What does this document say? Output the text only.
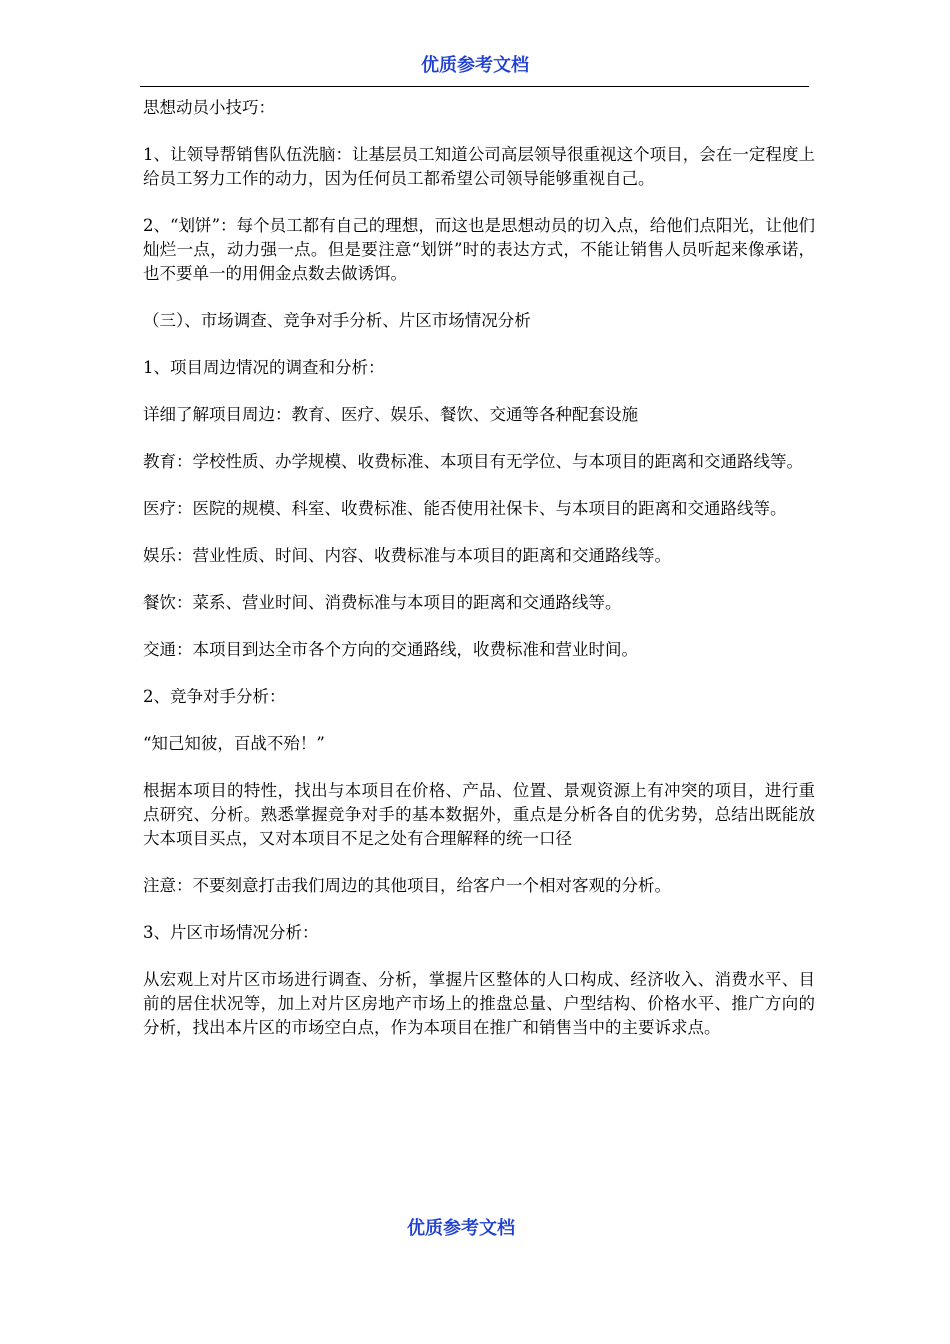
优质参考文档

思想动员小技巧：

1、让领导帮销售队伍洗脑：让基层员工知道公司高层领导很重视这个项目，会在一定程度上给员工努力工作的动力，因为任何员工都希望公司领导能够重视自己。

2、“划饼”：每个员工都有自己的理想，而这也是思想动员的切入点，给他们点阳光，让他们灿烂一点，动力强一点。但是要注意“划饼”时的表达方式，不能让销售人员听起来像承诺，也不要单一的用佣金点数去做诱饵。

（三）、市场调查、竞争对手分析、片区市场情况分析

1、项目周边情况的调查和分析：

详细了解项目周边：教育、医疗、娱乐、餐饮、交通等各种配套设施

教育：学校性质、办学规模、收费标准、本项目有无学位、与本项目的距离和交通路线等。

医疗：医院的规模、科室、收费标准、能否使用社保卡、与本项目的距离和交通路线等。

娱乐：营业性质、时间、内容、收费标准与本项目的距离和交通路线等。

餐饮：菜系、营业时间、消费标准与本项目的距离和交通路线等。

交通：本项目到达全市各个方向的交通路线，收费标准和营业时间。

2、竞争对手分析：

“知己知彼，百战不殆！”

根据本项目的特性，找出与本项目在价格、产品、位置、景观资源上有冲突的项目，进行重点研究、分析。熟悉掌握竞争对手的基本数据外，重点是分析各自的优劣势，总结出既能放大本项目买点，又对本项目不足之处有合理解释的统一口径

注意：不要刻意打击我们周边的其他项目，给客户一个相对客观的分析。

3、片区市场情况分析：

从宏观上对片区市场进行调查、分析，掌握片区整体的人口构成、经济收入、消费水平、目前的居住状况等，加上对片区房地产市场上的推盘总量、户型结构、价格水平、推广方向的分析，找出本片区的市场空白点，作为本项目在推广和销售当中的主要诉求点。

优质参考文档
